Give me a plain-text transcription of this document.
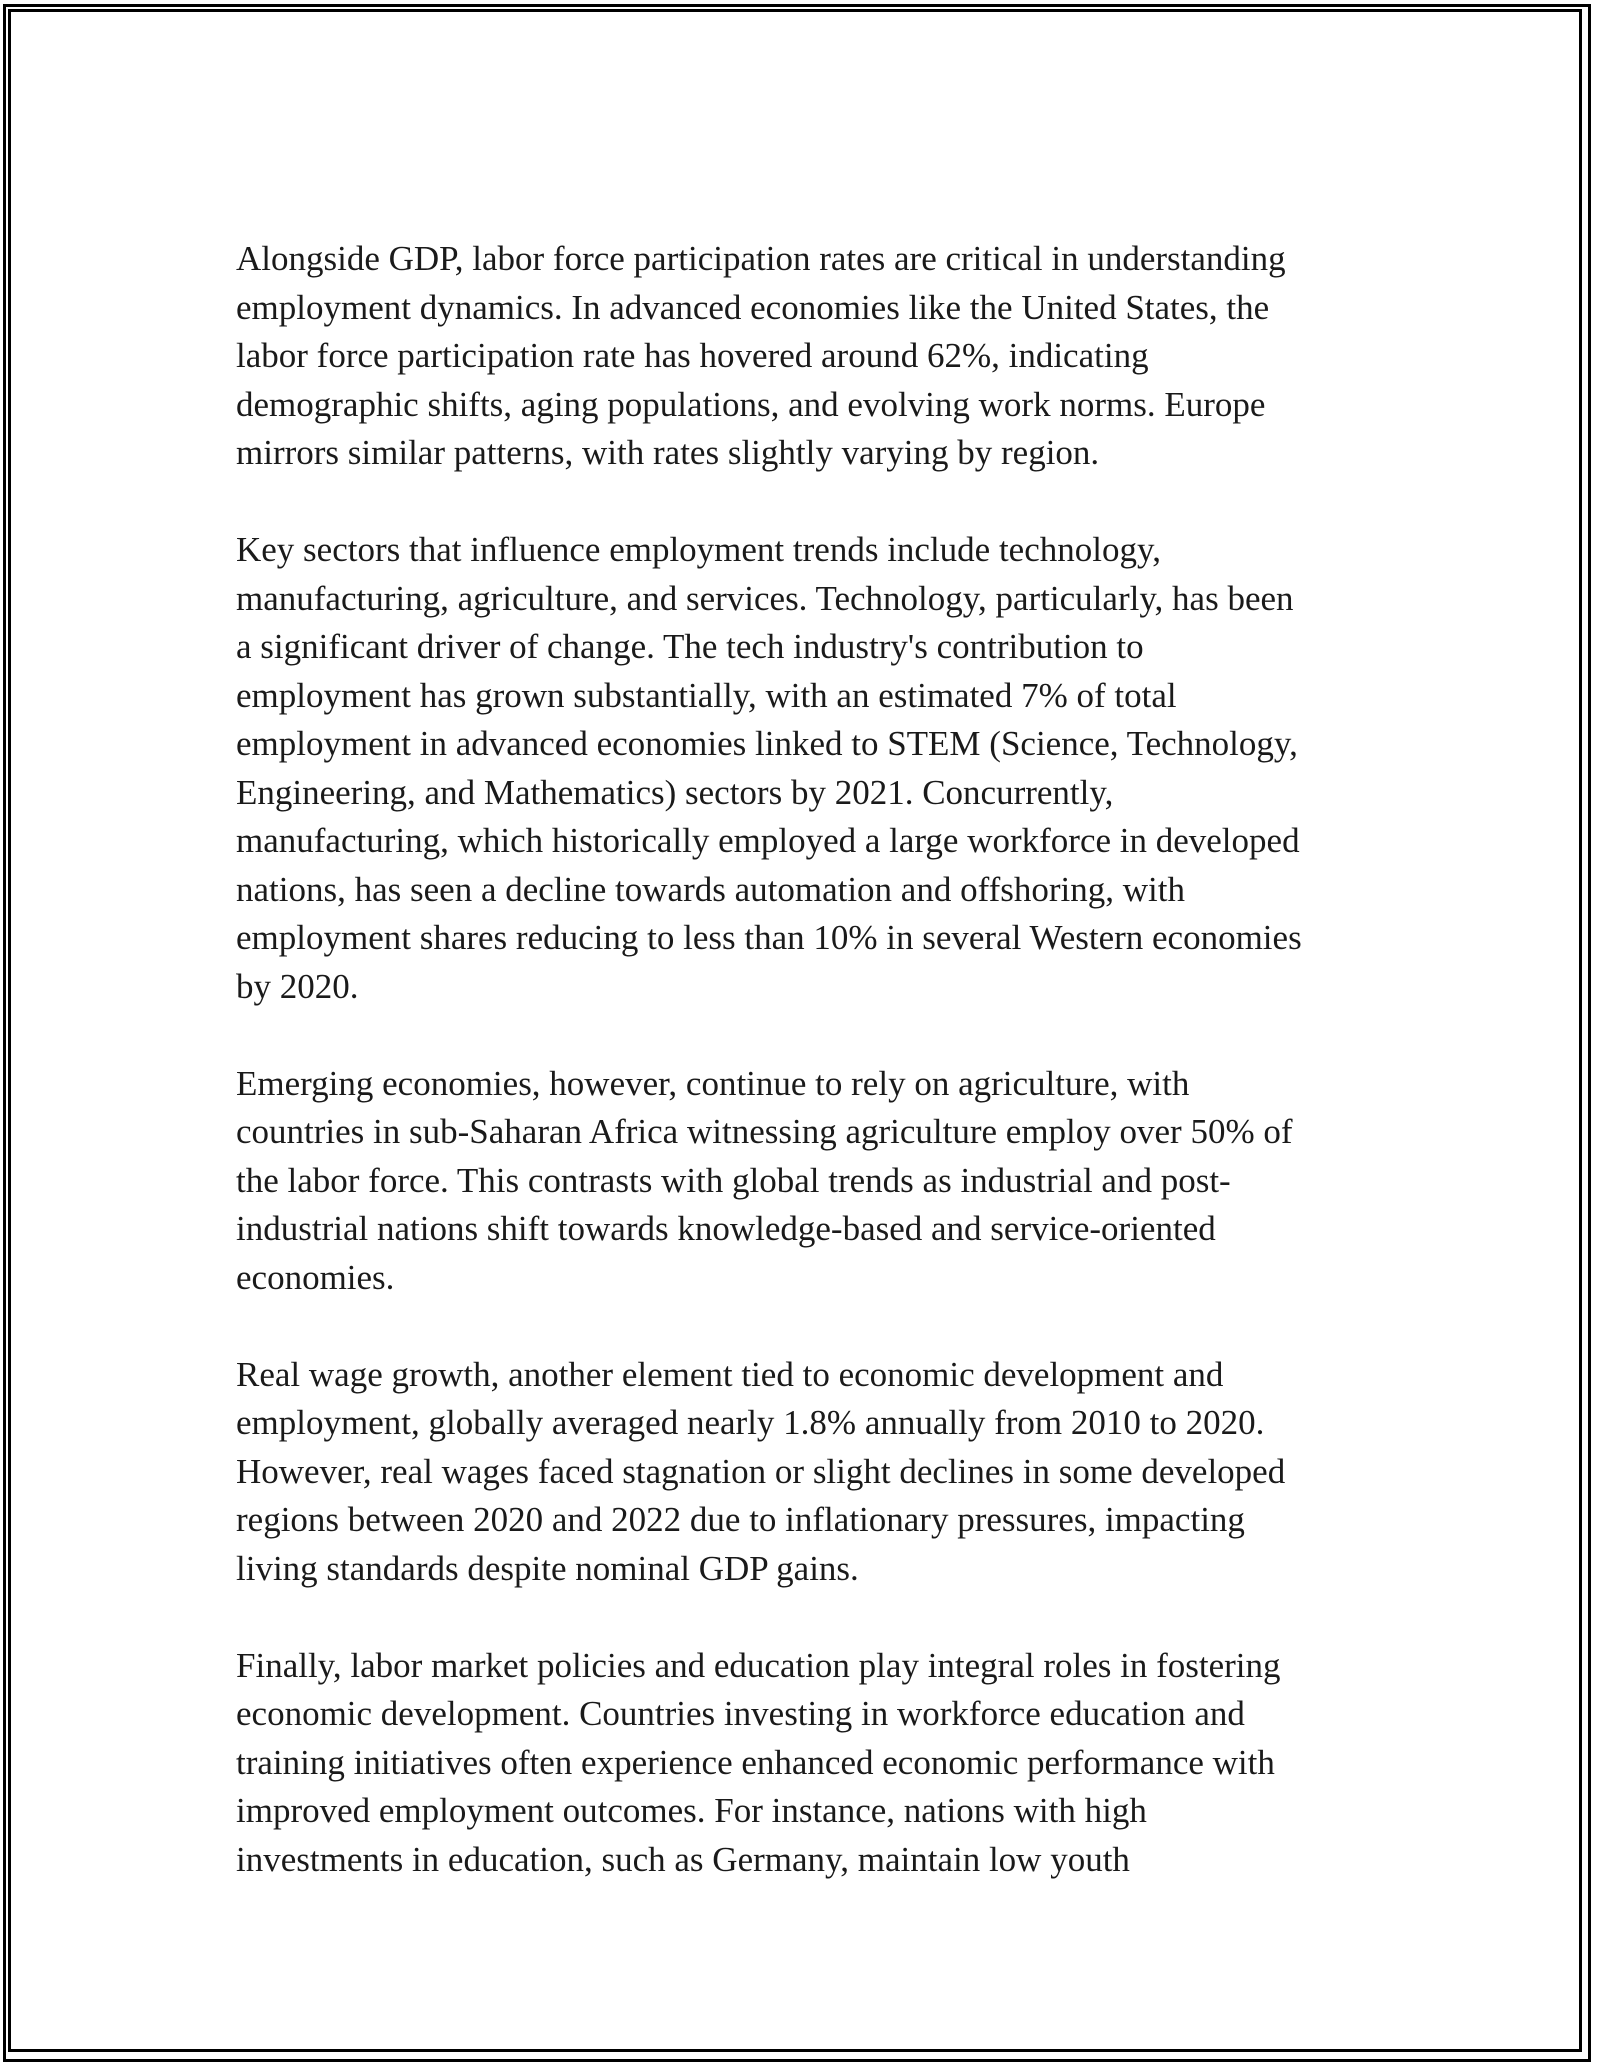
Alongside GDP, labor force participation rates are critical in understanding
employment dynamics. In advanced economies like the United States, the
labor force participation rate has hovered around 62%, indicating
demographic shifts, aging populations, and evolving work norms. Europe
mirrors similar patterns, with rates slightly varying by region.

Key sectors that influence employment trends include technology,
manufacturing, agriculture, and services. Technology, particularly, has been
a significant driver of change. The tech industry's contribution to
employment has grown substantially, with an estimated 7% of total
employment in advanced economies linked to STEM (Science, Technology,
Engineering, and Mathematics) sectors by 2021. Concurrently,
manufacturing, which historically employed a large workforce in developed
nations, has seen a decline towards automation and offshoring, with
employment shares reducing to less than 10% in several Western economies
by 2020.

Emerging economies, however, continue to rely on agriculture, with
countries in sub-Saharan Africa witnessing agriculture employ over 50% of
the labor force. This contrasts with global trends as industrial and post-
industrial nations shift towards knowledge-based and service-oriented
economies.

Real wage growth, another element tied to economic development and
employment, globally averaged nearly 1.8% annually from 2010 to 2020.
However, real wages faced stagnation or slight declines in some developed
regions between 2020 and 2022 due to inflationary pressures, impacting
living standards despite nominal GDP gains.

Finally, labor market policies and education play integral roles in fostering
economic development. Countries investing in workforce education and
training initiatives often experience enhanced economic performance with
improved employment outcomes. For instance, nations with high
investments in education, such as Germany, maintain low youth
